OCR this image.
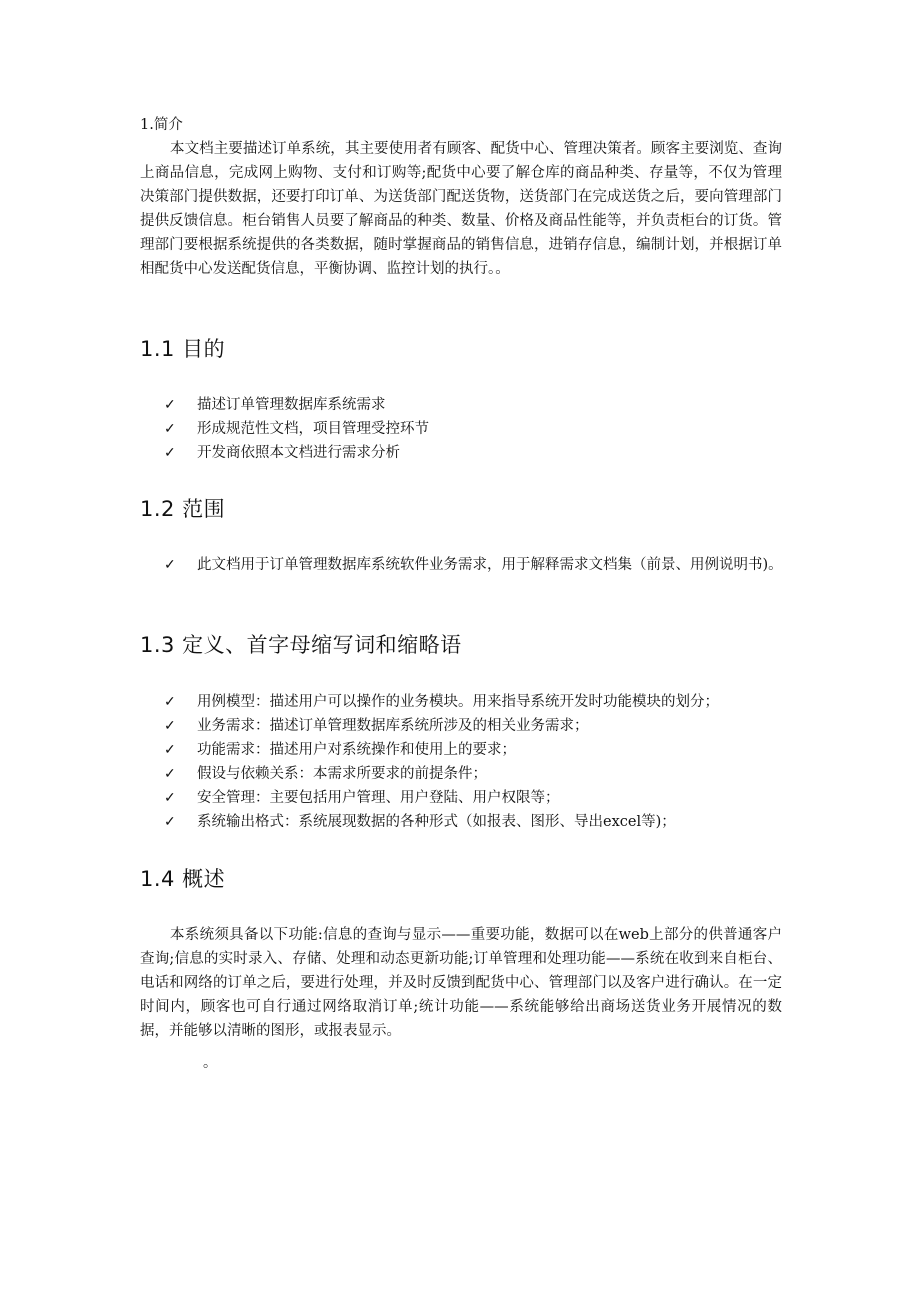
1.简介

本文档主要描述订单系统，其主要使用者有顾客、配货中心、管理决策者。顾客主要浏览、查询上商品信息，完成网上购物、支付和订购等;配货中心要了解仓库的商品种类、存量等，不仅为管理决策部门提供数据，还要打印订单、为送货部门配送货物，送货部门在完成送货之后，要向管理部门提供反馈信息。柜台销售人员要了解商品的种类、数量、价格及商品性能等，并负责柜台的订货。管理部门要根据系统提供的各类数据，随时掌握商品的销售信息，进销存信息，编制计划，并根据订单相配货中心发送配货信息，平衡协调、监控计划的执行。。

1.1 目的
✓ 描述订单管理数据库系统需求
✓ 形成规范性文档，项目管理受控环节
✓ 开发商依照本文档进行需求分析
1.2 范围
✓ 此文档用于订单管理数据库系统软件业务需求，用于解释需求文档集（前景、用例说明书)。
1.3 定义、首字母缩写词和缩略语
✓ 用例模型：描述用户可以操作的业务模块。用来指导系统开发时功能模块的划分；
✓ 业务需求：描述订单管理数据库系统所涉及的相关业务需求；
✓ 功能需求：描述用户对系统操作和使用上的要求；
✓ 假设与依赖关系：本需求所要求的前提条件；
✓ 安全管理：主要包括用户管理、用户登陆、用户权限等；
✓ 系统输出格式：系统展现数据的各种形式（如报表、图形、导出excel等)；
1.4 概述

本系统须具备以下功能:信息的查询与显示——重要功能，数据可以在web上部分的供普通客户查询;信息的实时录入、存储、处理和动态更新功能;订单管理和处理功能——系统在收到来自柜台、电话和网络的订单之后，要进行处理，并及时反馈到配货中心、管理部门以及客户进行确认。在一定时间内，顾客也可自行通过网络取消订单;统计功能——系统能够给出商场送货业务开展情况的数据，并能够以清晰的图形，或报表显示。

。
